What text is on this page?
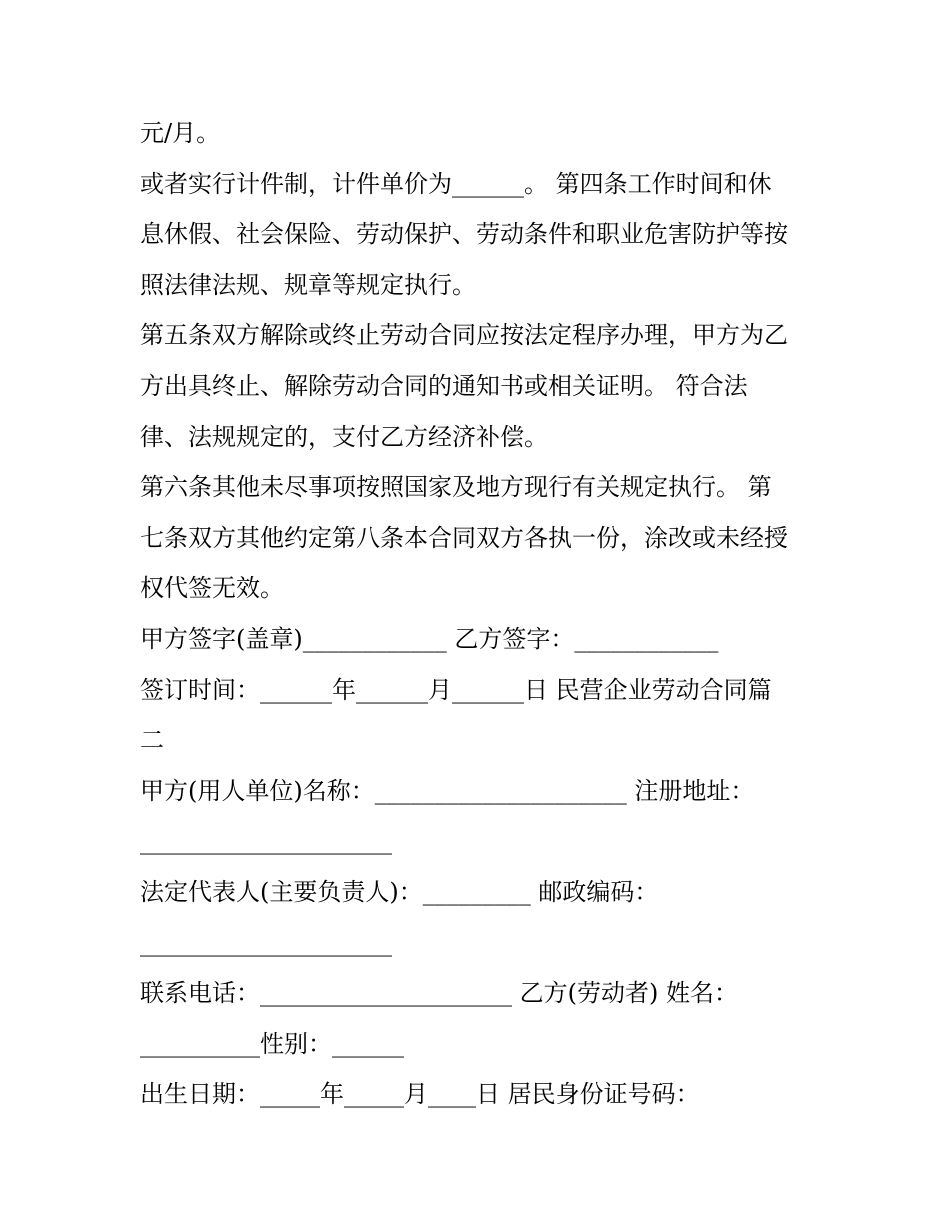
元/月。
或者实行计件制，计件单价为______。 第四条工作时间和休
息休假、社会保险、劳动保护、劳动条件和职业危害防护等按
照法律法规、规章等规定执行。
第五条双方解除或终止劳动合同应按法定程序办理，甲方为乙
方出具终止、解除劳动合同的通知书或相关证明。 符合法
律、法规规定的，支付乙方经济补偿。
第六条其他未尽事项按照国家及地方现行有关规定执行。 第
七条双方其他约定第八条本合同双方各执一份，涂改或未经授
权代签无效。
甲方签字(盖章)____________ 乙方签字：____________
签订时间：______年______月______日 民营企业劳动合同篇
二
甲方(用人单位)名称：_____________________ 注册地址：
_____________________
法定代表人(主要负责人)：_________ 邮政编码：
_____________________
联系电话：_____________________ 乙方(劳动者) 姓名：
__________性别：______
出生日期：_____年_____月____日 居民身份证号码：
